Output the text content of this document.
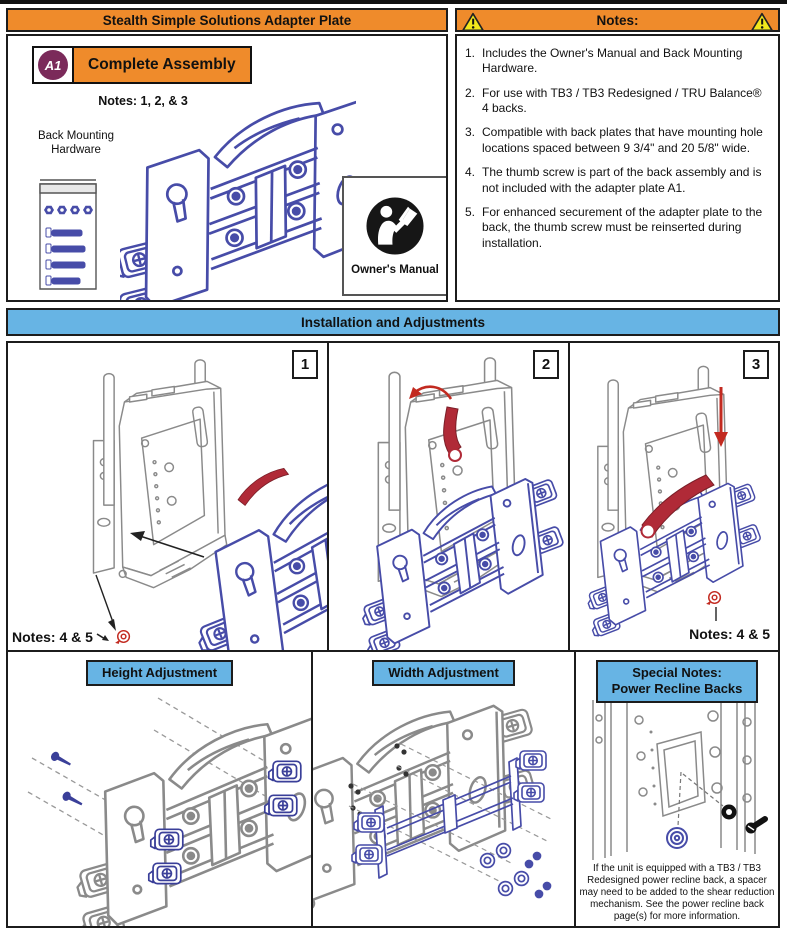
Stealth Simple Solutions Adapter Plate	Notes:
A1	Complete Assembly
Notes: 1, 2, & 3
Back Mounting Hardware
Owner's Manual
1. Includes the Owner's Manual and Back Mounting Hardware.
2. For use with TB3 / TB3 Redesigned / TRU Balance® 4 backs.
3. Compatible with back plates that have mounting hole locations spaced between 9 3/4" and 20 5/8" wide.
4. The thumb screw is part of the back assembly and is not included with the adapter plate A1.
5. For enhanced securement of the adapter plate to the back, the thumb screw must be reinserted during installation.
Installation and Adjustments
1
Notes: 4 & 5
2	3
Notes: 4 & 5
Height Adjustment	Width Adjustment	Special Notes:
Power Recline Backs
If the unit is equipped with a TB3 / TB3 Redesigned power recline back, a spacer may need to be added to the shear reduction mechanism. See the power recline back page(s) for more information.
